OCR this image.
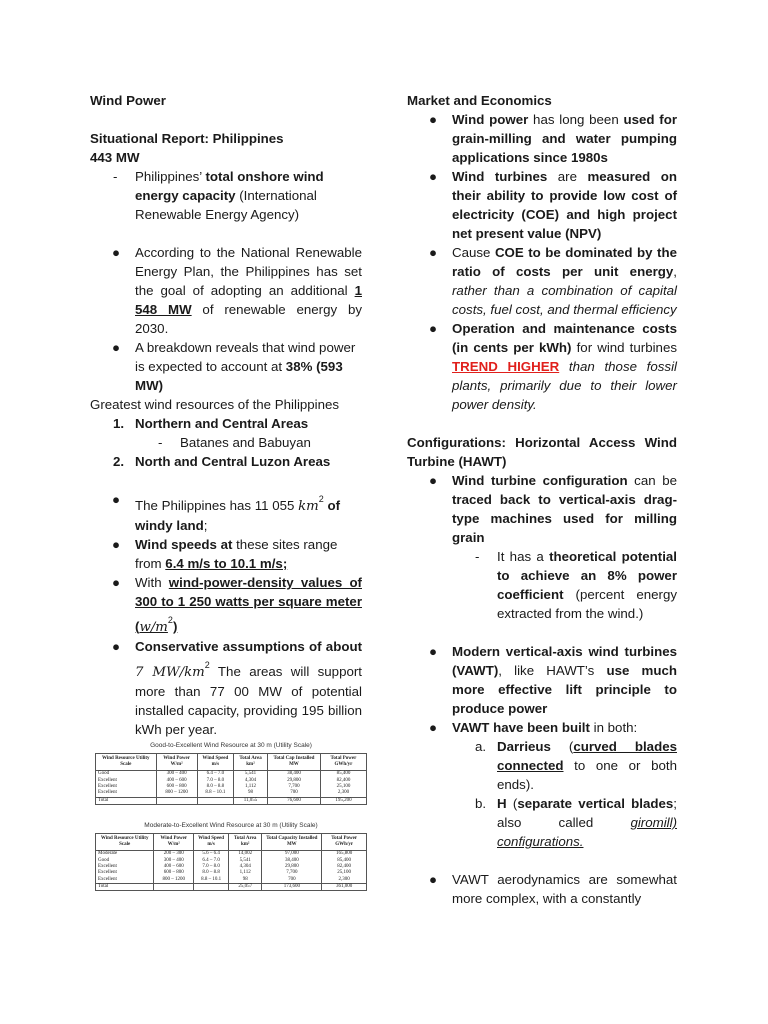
Wind Power

Situational Report: Philippines

443 MW

- Philippines’ total onshore wind energy capacity (International Renewable Energy Agency)
● According to the National Renewable Energy Plan, the Philippines has set the goal of adopting an additional 1 548 MW of renewable energy by 2030.
● A breakdown reveals that wind power is expected to account at 38% (593 MW)

Greatest wind resources of the Philippines

1. Northern and Central Areas
- Batanes and Babuyan
2. North and Central Luzon Areas
● The Philippines has 11 055 $km^2$ of windy land;
● Wind speeds at these sites range from 6.4 m/s to 10.1 m/s;
● With wind-power-density values of 300 to 1 250 watts per square meter $(w/m^2)$
● Conservative assumptions of about 7 $MW/km^2$ The areas will support more than 77 00 MW of potential installed capacity, providing 195 billion kWh per year.
Good-to-Excellent Wind Resource at 30 m (Utility Scale)
Wind Resource Utility Scale	Wind Power W/m²	Wind Speed m/s	Total Area km²	Total Cap Installed MW	Total Power GWh/yr
Good	300 – 400	6.4 – 7.0	5,541	38,400	85,400
Excellent	400 – 600	7.0 – 8.0	4,304	29,800	82,400
Excellent	600 – 800	8.0 – 8.8	1,112	7,700	25,100
Excellent	800 – 1200	8.8 – 10.1	98	700	2,300
Total			11,055	76,600	195,200
Moderate-to-Excellent Wind Resource at 30 m (Utility Scale)
Wind Resource Utility Scale	Wind Power W/m²	Wind Speed m/s	Total Area km²	Total Capacity Installed MW	Total Power GWh/yr
Moderate	200 – 300	5.6 – 6.4	14,002	97,000	165,800
Good	300 – 400	6.4 – 7.0	5,541	38,400	85,400
Excellent	400 – 600	7.0 – 8.0	4,304	29,800	82,400
Excellent	600 – 800	8.0 – 8.8	1,112	7,700	25,100
Excellent	800 – 1200	8.8 – 10.1	98	700	2,300
Total			25,057	173,600	361,000

Market and Economics

● Wind power has long been used for grain-milling and water pumping applications since 1980s
● Wind turbines are measured on their ability to provide low cost of electricity (COE) and high project net present value (NPV)
● Cause COE to be dominated by the ratio of costs per unit energy, rather than a combination of capital costs, fuel cost, and thermal efficiency
● Operation and maintenance costs (in cents per kWh) for wind turbines TREND HIGHER than those fossil plants, primarily due to their lower power density.

Configurations: Horizontal Access Wind Turbine (HAWT)

● Wind turbine configuration can be traced back to vertical-axis drag-type machines used for milling grain
- It has a theoretical potential to achieve an 8% power coefficient (percent energy extracted from the wind.)
● Modern vertical-axis wind turbines (VAWT), like HAWT’s use much more effective lift principle to produce power
● VAWT have been built in both:
a. Darrieus (curved blades connected to one or both ends).
b. H (separate vertical blades; also called giromill) configurations.
● VAWT aerodynamics are somewhat more complex, with a constantly
